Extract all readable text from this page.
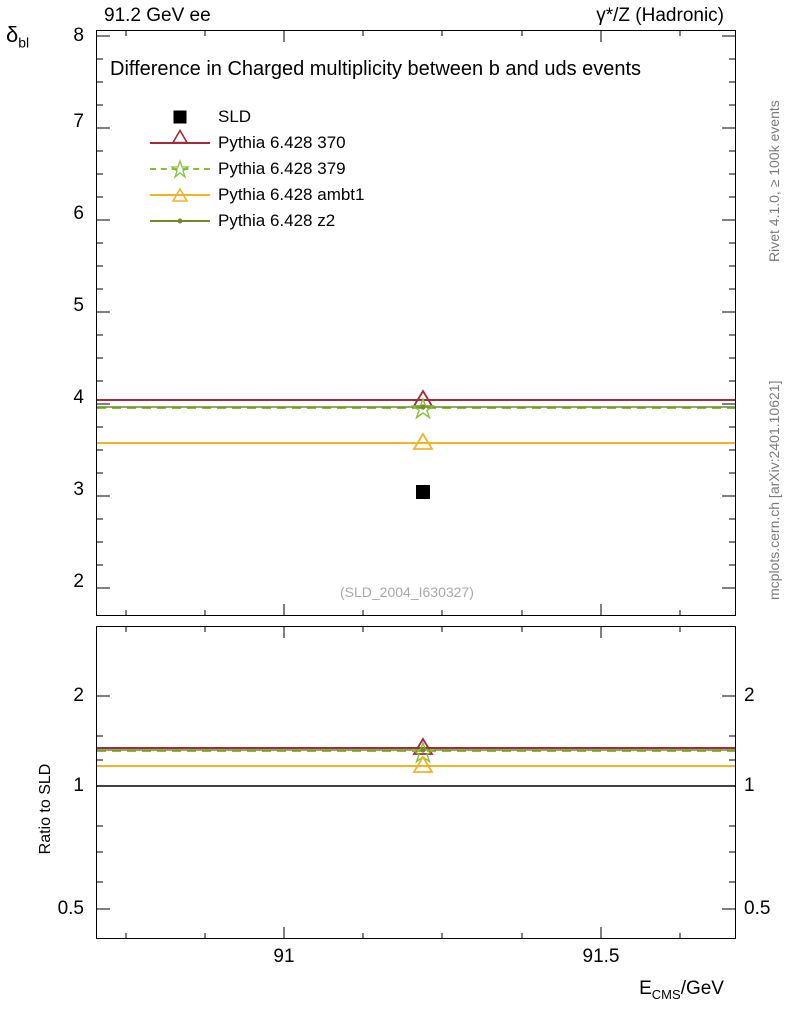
91.2 GeV ee	γ*/Z (Hadronic)
$\delta_{bl}$
Ratio to SLD
Rivet 4.1.0, ≥ 100k events
mcplots.cern.ch [arXiv:2401.10621]
Difference in Charged multiplicity between b and uds events
(SLD_2004_I630327)
SLD
Pythia 6.428 370
Pythia 6.428 379
Pythia 6.428 ambt1
Pythia 6.428 z2
8
7
6
5
4
3
2
2
1
0.5
2
1
0.5
91	91.5
$E_{CMS}$/GeV
